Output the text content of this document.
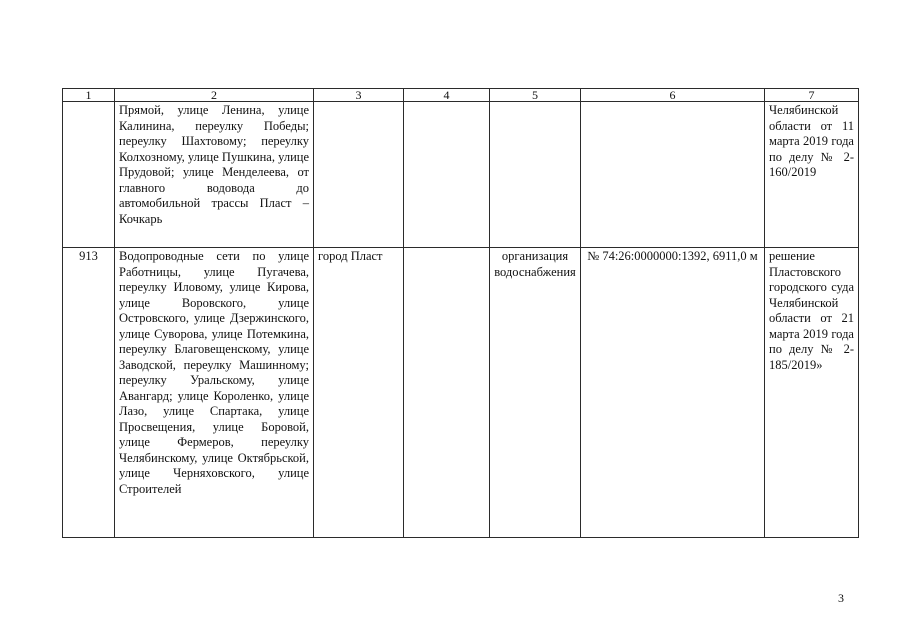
1	2	3	4	5	6	7
	Прямой, улице Ленина, улице Калинина, переулку Победы; переулку Шахтовому; переулку Колхозному, улице Пушкина, улице Прудовой; улице Менделеева, от главного водовода до автомобильной трассы Пласт – Кочкарь					Челябинской области от 11 марта 2019 года по делу № 2-160/2019
913	Водопроводные сети по улице Работницы, улице Пугачева, переулку Иловому, улице Кирова, улице Воровского, улице Островского, улице Дзержинского, улице Суворова, улице Потемкина, переулку Благовещенскому, улице Заводской, переулку Машинному; переулку Уральскому, улице Авангард; улице Короленко, улице Лазо, улице Спартака, улице Просвещения, улице Боровой, улице Фермеров, переулку Челябинскому, улице Октябрьской, улице Черняховского, улице Строителей	город Пласт		организация водоснабжения	№ 74:26:0000000:1392, 6911,0 м	решение Пластовского городского суда Челябинской области от 21 марта 2019 года по делу № 2-185/2019»
3
